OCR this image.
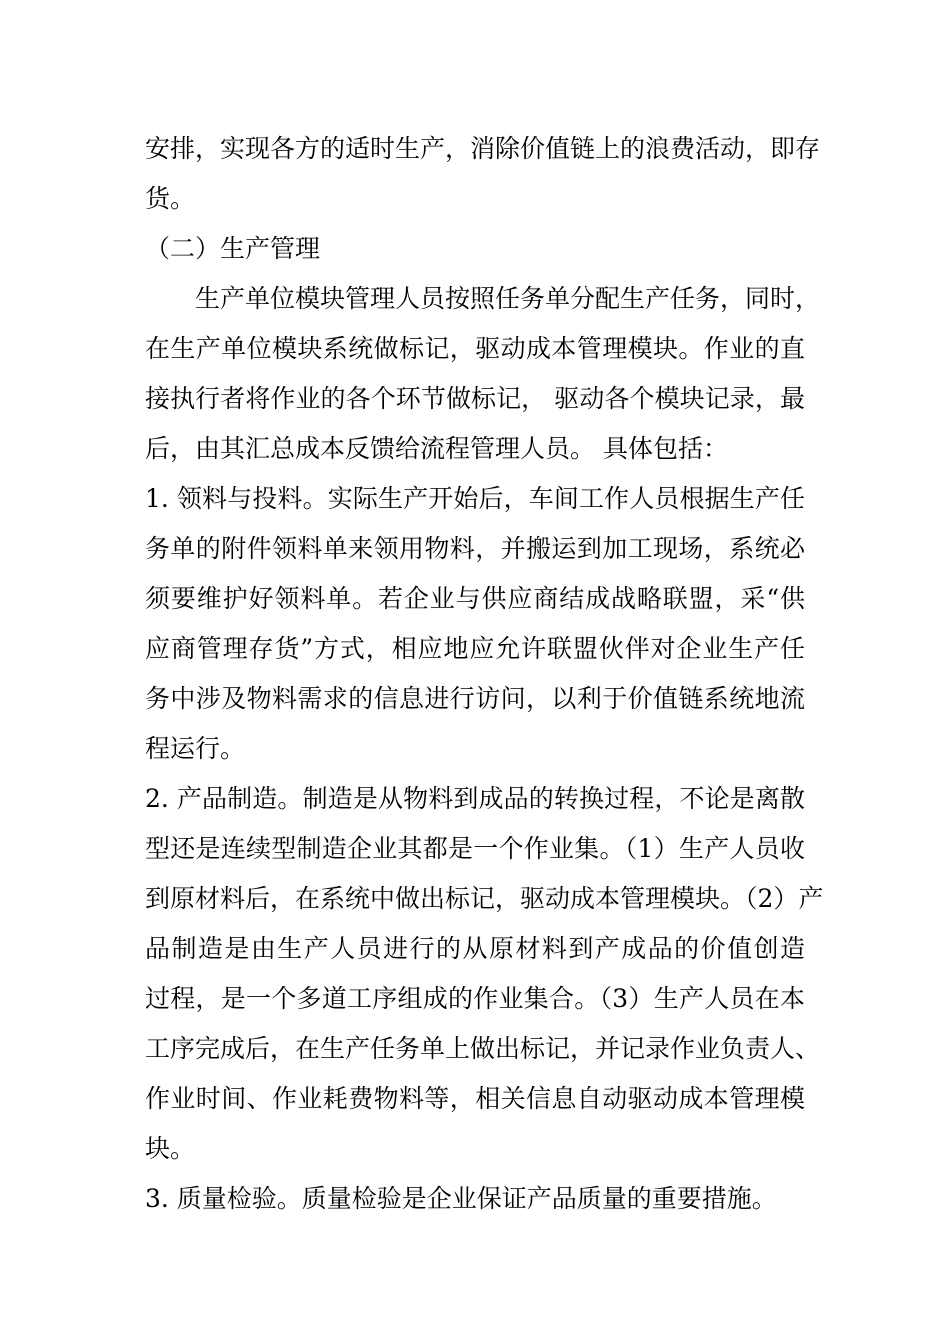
安排，实现各方的适时生产，消除价值链上的浪费活动，即存
货。
（二）生产管理
　　生产单位模块管理人员按照任务单分配生产任务，同时，
在生产单位模块系统做标记，驱动成本管理模块。作业的直
接执行者将作业的各个环节做标记， 驱动各个模块记录，最
后，由其汇总成本反馈给流程管理人员。 具体包括：
1. 领料与投料。实际生产开始后，车间工作人员根据生产任
务单的附件领料单来领用物料，并搬运到加工现场，系统必
须要维护好领料单。若企业与供应商结成战略联盟，采“供
应商管理存货”方式，相应地应允许联盟伙伴对企业生产任
务中涉及物料需求的信息进行访问，以利于价值链系统地流
程运行。
2. 产品制造。制造是从物料到成品的转换过程，不论是离散
型还是连续型制造企业其都是一个作业集。（1）生产人员收
到原材料后，在系统中做出标记，驱动成本管理模块。（2）产
品制造是由生产人员进行的从原材料到产成品的价值创造
过程，是一个多道工序组成的作业集合。（3）生产人员在本
工序完成后，在生产任务单上做出标记，并记录作业负责人、
作业时间、作业耗费物料等，相关信息自动驱动成本管理模
块。
3. 质量检验。质量检验是企业保证产品质量的重要措施。
